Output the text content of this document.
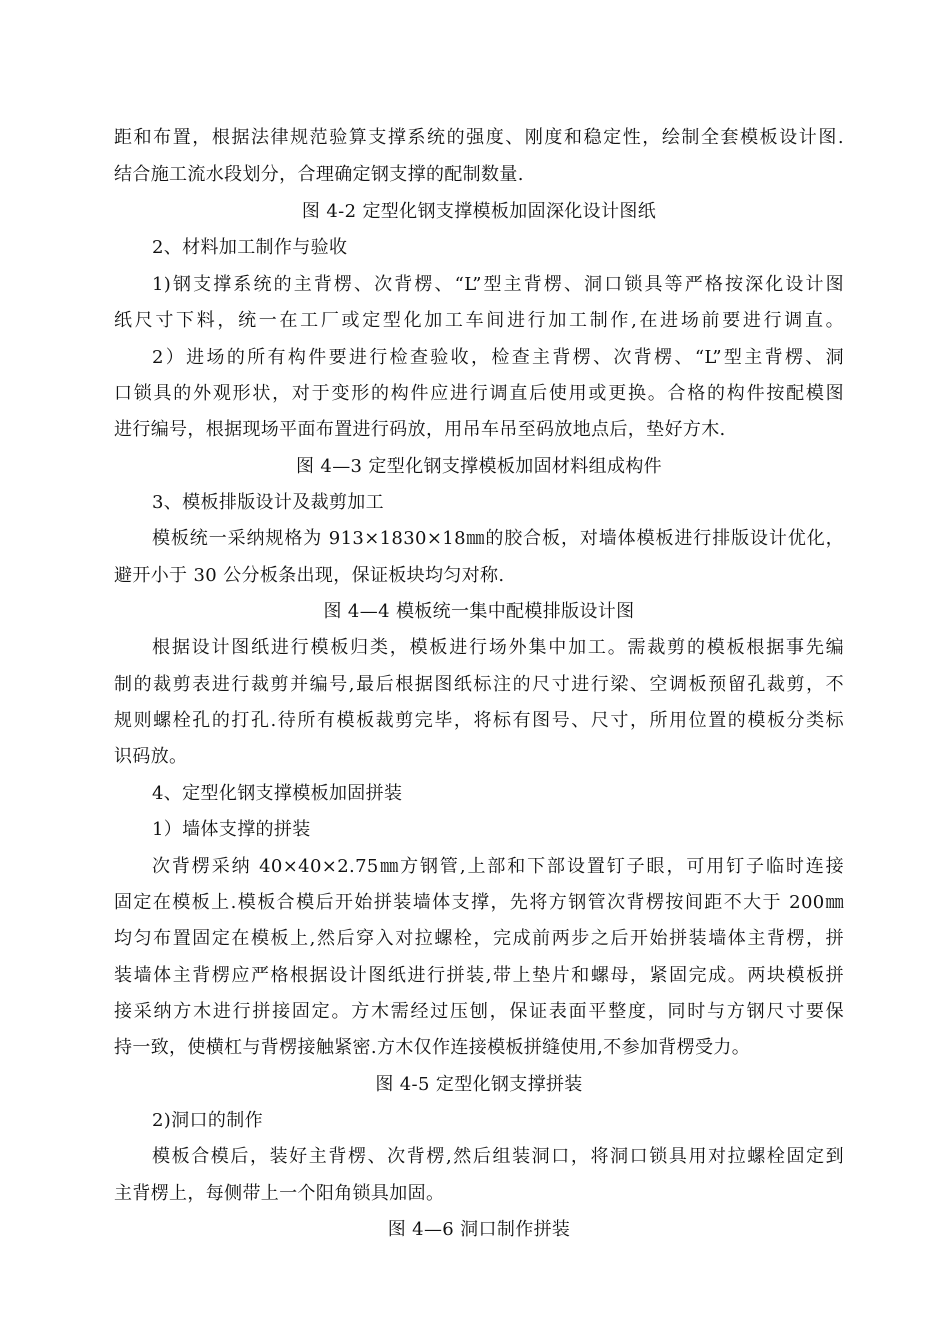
距和布置，根据法律规范验算支撑系统的强度、刚度和稳定性，绘制全套模板设计图.
结合施工流水段划分，合理确定钢支撑的配制数量.
图 4-2 定型化钢支撑模板加固深化设计图纸
2、材料加工制作与验收
1)钢支撑系统的主背楞、次背楞、“L”型主背楞、洞口锁具等严格按深化设计图
纸尺寸下料，统一在工厂或定型化加工车间进行加工制作,在进场前要进行调直。
2）进场的所有构件要进行检查验收，检查主背楞、次背楞、“L”型主背楞、洞
口锁具的外观形状，对于变形的构件应进行调直后使用或更换。合格的构件按配模图
进行编号，根据现场平面布置进行码放，用吊车吊至码放地点后，垫好方木.
图 4—3 定型化钢支撑模板加固材料组成构件
3、模板排版设计及裁剪加工
模板统一采纳规格为 913×1830×18㎜的胶合板，对墙体模板进行排版设计优化，
避开小于 30 公分板条出现，保证板块均匀对称.
图 4—4 模板统一集中配模排版设计图
根据设计图纸进行模板归类，模板进行场外集中加工。需裁剪的模板根据事先编
制的裁剪表进行裁剪并编号,最后根据图纸标注的尺寸进行梁、空调板预留孔裁剪，不
规则螺栓孔的打孔.待所有模板裁剪完毕，将标有图号、尺寸，所用位置的模板分类标
识码放。
4、定型化钢支撑模板加固拼装
1）墙体支撑的拼装
次背楞采纳 40×40×2.75㎜方钢管,上部和下部设置钉子眼，可用钉子临时连接
固定在模板上.模板合模后开始拼装墙体支撑，先将方钢管次背楞按间距不大于 200㎜
均匀布置固定在模板上,然后穿入对拉螺栓，完成前两步之后开始拼装墙体主背楞，拼
装墙体主背楞应严格根据设计图纸进行拼装,带上垫片和螺母，紧固完成。两块模板拼
接采纳方木进行拼接固定。方木需经过压刨，保证表面平整度，同时与方钢尺寸要保
持一致，使横杠与背楞接触紧密.方木仅作连接模板拼缝使用,不参加背楞受力。
图 4-5 定型化钢支撑拼装
2)洞口的制作
模板合模后，装好主背楞、次背楞,然后组装洞口，将洞口锁具用对拉螺栓固定到
主背楞上，每侧带上一个阳角锁具加固。
图 4—6 洞口制作拼装
